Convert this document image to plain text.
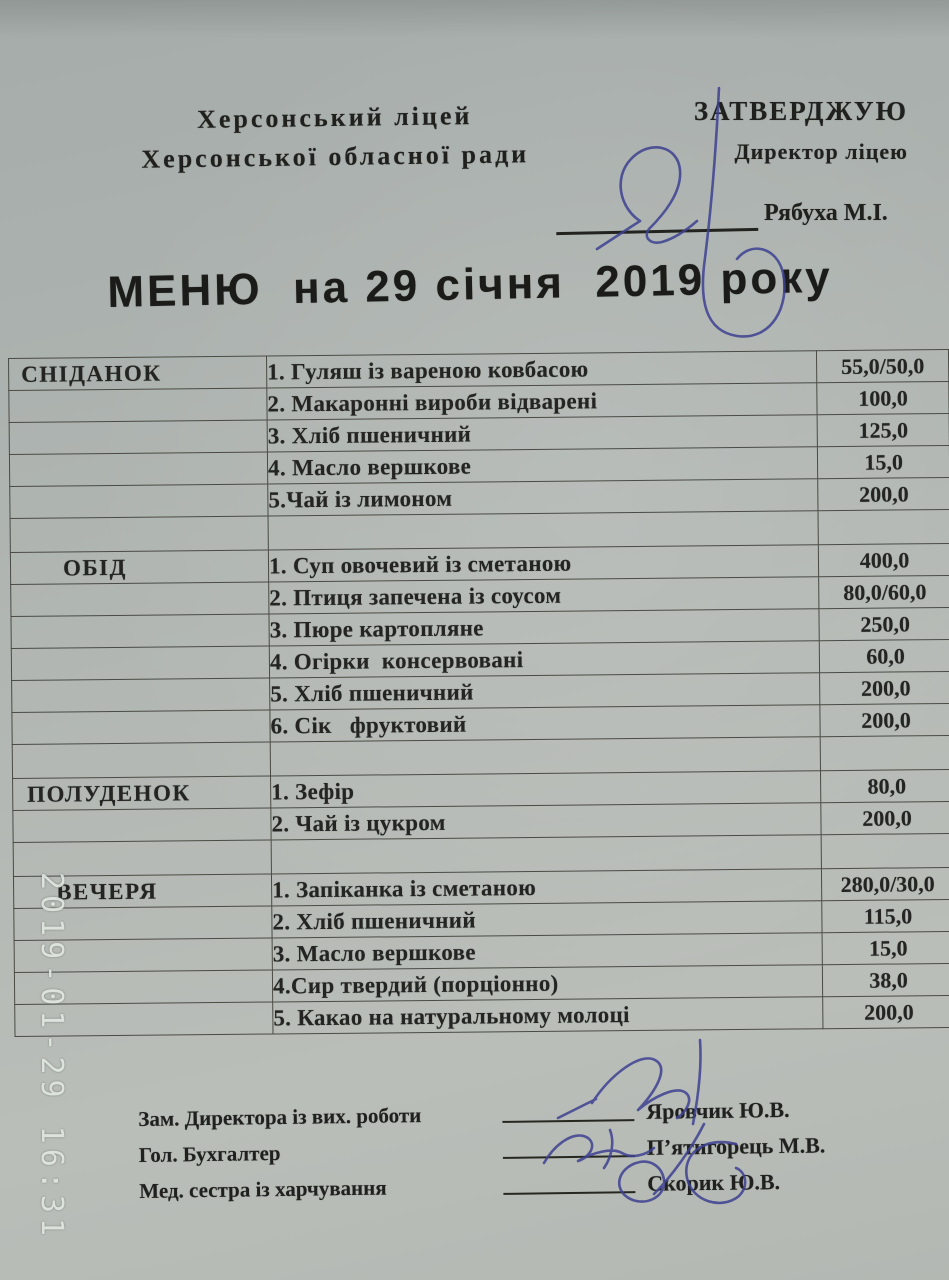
Херсонський ліцей
Херсонської обласної ради
ЗАТВЕРДЖУЮ
Директор ліцею
Рябуха М.І.
МЕНЮ  на 29 січня  2019 року
СНІДАНОК	1. Гуляш із вареною ковбасою	55,0/50,0
	2. Макаронні вироби відварені	100,0
	3. Хліб пшеничний	125,0
	4. Масло вершкове	15,0
	5.Чай із лимоном	200,0

ОБІД	1. Суп овочевий із сметаною	400,0
	2. Птиця запечена із соусом	80,0/60,0
	3. Пюре картопляне	250,0
	4. Огірки  консервовані	60,0
	5. Хліб пшеничний	200,0
	6. Сік   фруктовий	200,0

ПОЛУДЕНОК	1. Зефір	80,0
	2. Чай із цукром	200,0

ВЕЧЕРЯ	1. Запіканка із сметаною	280,0/30,0
	2. Хліб пшеничний	115,0
	3. Масло вершкове	15,0
	4.Сир твердий (порціонно)	38,0
	5. Какао на натуральному молоці	200,0
Зам. Директора із вих. роботи	Яровчик Ю.В.
Гол. Бухгалтер	П’ятигорець М.В.
Мед. сестра із харчування	Скорик Ю.В.
2019-01-29 16:31
